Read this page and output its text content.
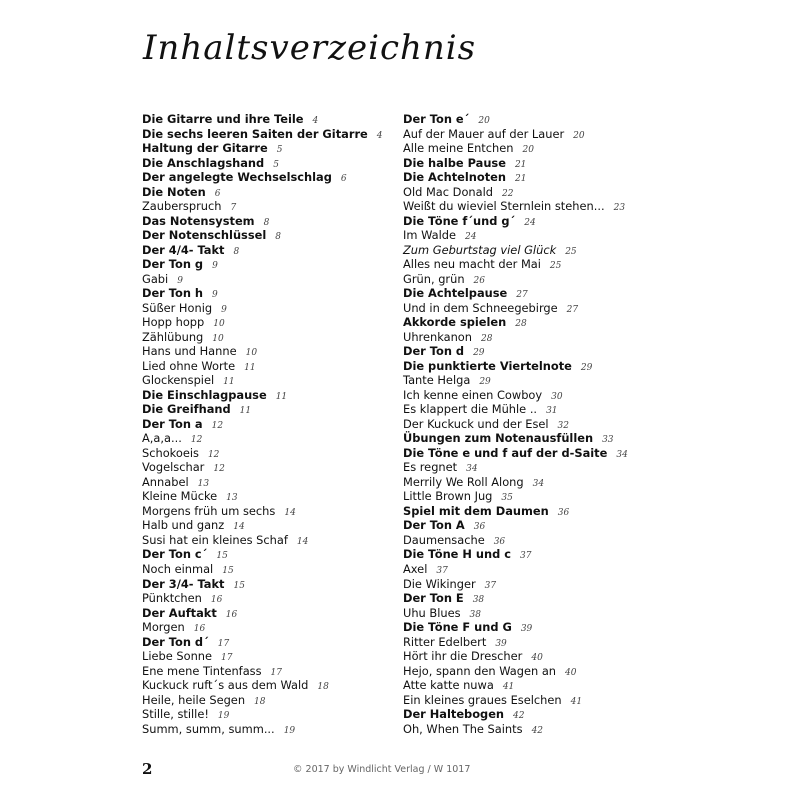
Inhaltsverzeichnis
Die Gitarre und ihre Teile 4
Die sechs leeren Saiten der Gitarre 4
Haltung der Gitarre 5
Die Anschlagshand 5
Der angelegte Wechselschlag 6
Die Noten 6
Zauberspruch 7
Das Notensystem 8
Der Notenschlüssel 8
Der 4/4- Takt 8
Der Ton g 9
Gabi 9
Der Ton h 9
Süßer Honig 9
Hopp hopp 10
Zählübung 10
Hans und Hanne 10
Lied ohne Worte 11
Glockenspiel 11
Die Einschlagpause 11
Die Greifhand 11
Der Ton a 12
A,a,a... 12
Schokoeis 12
Vogelschar 12
Annabel 13
Kleine Mücke 13
Morgens früh um sechs 14
Halb und ganz 14
Susi hat ein kleines Schaf 14
Der Ton c´ 15
Noch einmal 15
Der 3/4- Takt 15
Pünktchen 16
Der Auftakt 16
Morgen 16
Der Ton d´ 17
Liebe Sonne 17
Ene mene Tintenfass 17
Kuckuck ruft´s aus dem Wald 18
Heile, heile Segen 18
Stille, stille! 19
Summ, summ, summ... 19
Der Ton e´ 20
Auf der Mauer auf der Lauer 20
Alle meine Entchen 20
Die halbe Pause 21
Die Achtelnoten 21
Old Mac Donald 22
Weißt du wieviel Sternlein stehen... 23
Die Töne f´und g´ 24
Im Walde 24
Zum Geburtstag viel Glück 25
Alles neu macht der Mai 25
Grün, grün 26
Die Achtelpause 27
Und in dem Schneegebirge 27
Akkorde spielen 28
Uhrenkanon 28
Der Ton d 29
Die punktierte Viertelnote 29
Tante Helga 29
Ich kenne einen Cowboy 30
Es klappert die Mühle .. 31
Der Kuckuck und der Esel 32
Übungen zum Notenausfüllen 33
Die Töne e und f auf der d-Saite 34
Es regnet 34
Merrily We Roll Along 34
Little Brown Jug 35
Spiel mit dem Daumen 36
Der Ton A 36
Daumensache 36
Die Töne H und c 37
Axel 37
Die Wikinger 37
Der Ton E 38
Uhu Blues 38
Die Töne F und G 39
Ritter Edelbert 39
Hört ihr die Drescher 40
Hejo, spann den Wagen an 40
Atte katte nuwa 41
Ein kleines graues Eselchen 41
Der Haltebogen 42
Oh, When The Saints 42
2	© 2017 by Windlicht Verlag / W 1017
